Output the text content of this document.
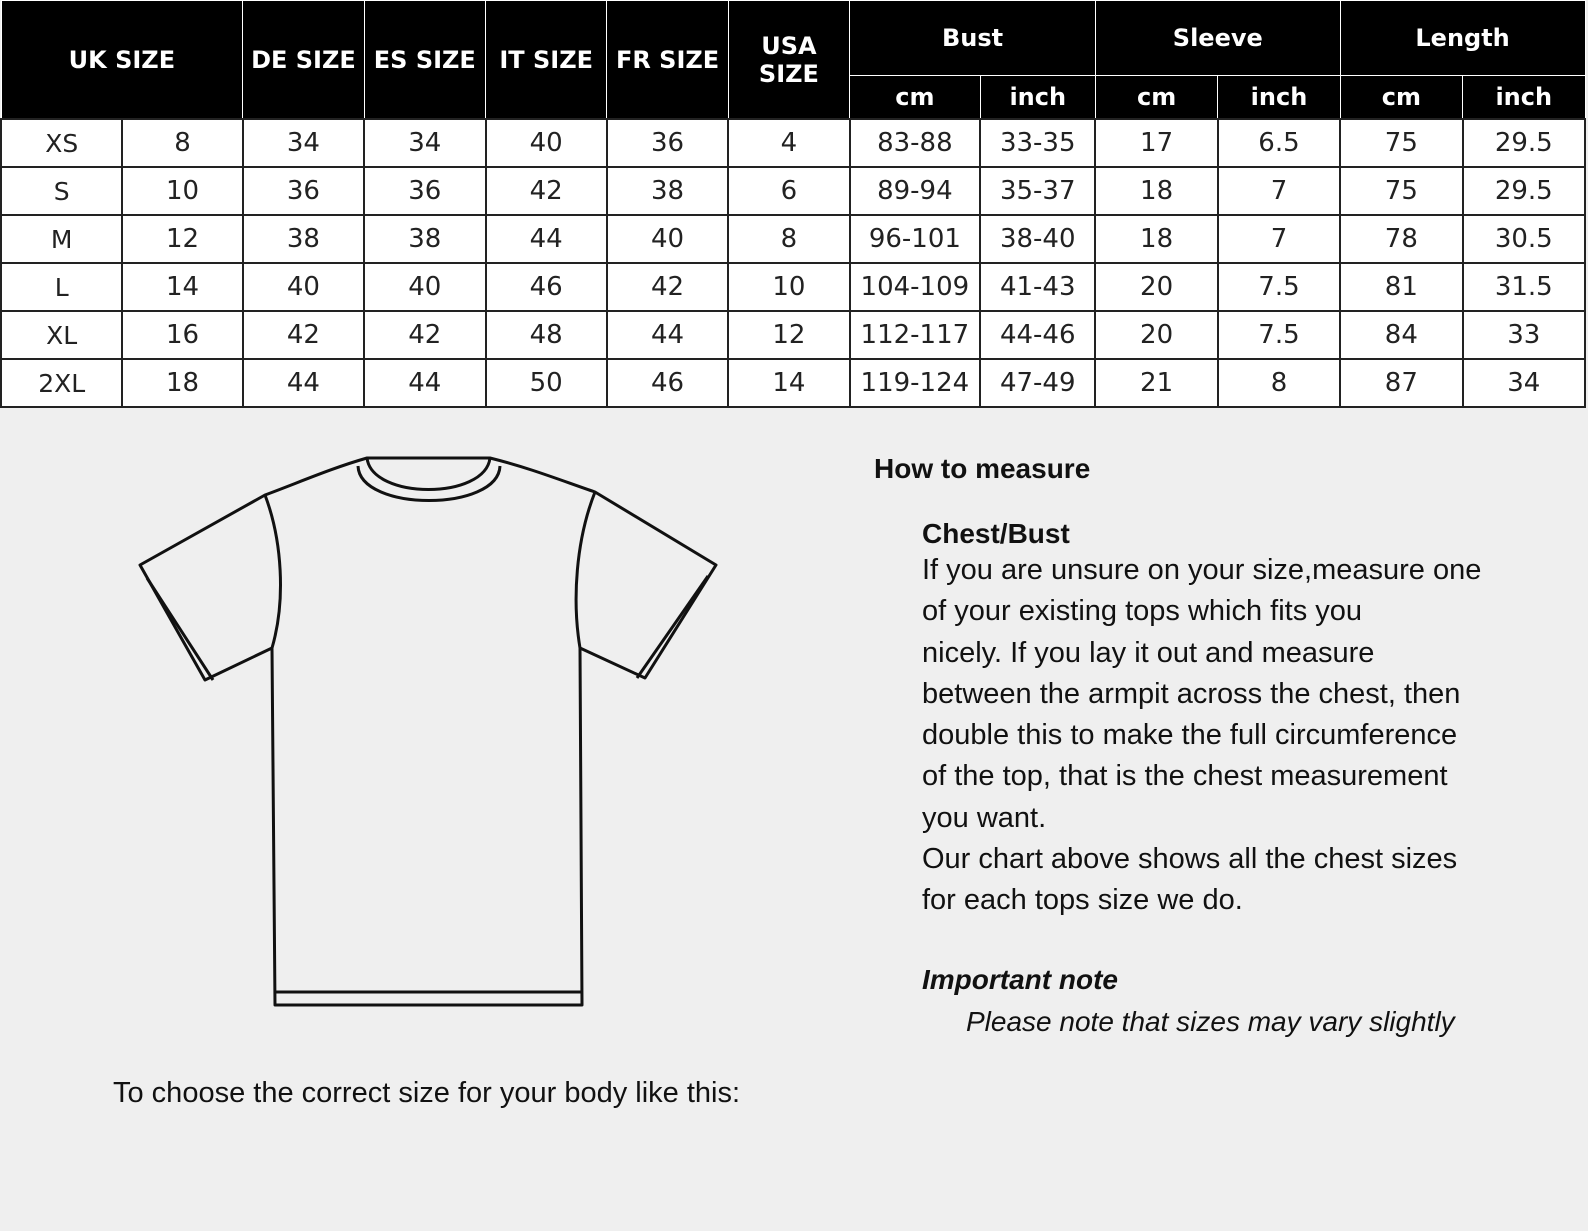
UK SIZE		DE SIZE	ES SIZE	IT SIZE	FR SIZE	USA SIZE	Bust		Sleeve		Length	
							cm	inch	cm	inch	cm	inch
XS	8	34	34	40	36	4	83-88	33-35	17	6.5	75	29.5
S	10	36	36	42	38	6	89-94	35-37	18	7	75	29.5
M	12	38	38	44	40	8	96-101	38-40	18	7	78	30.5
L	14	40	40	46	42	10	104-109	41-43	20	7.5	81	31.5
XL	16	42	42	48	44	12	112-117	44-46	20	7.5	84	33
2XL	18	44	44	50	46	14	119-124	47-49	21	8	87	34
How to measure
Chest/Bust

If you are unsure on your size,measure one

of your existing tops which fits you

nicely. If you lay it out and measure

between the armpit across the chest, then

double this to make the full circumference

of the top, that is the chest measurement

you want.

Our chart above shows all the chest sizes

for each tops size we do.

Important note
Please note that sizes may vary slightly
To choose the correct size for your body like this:
